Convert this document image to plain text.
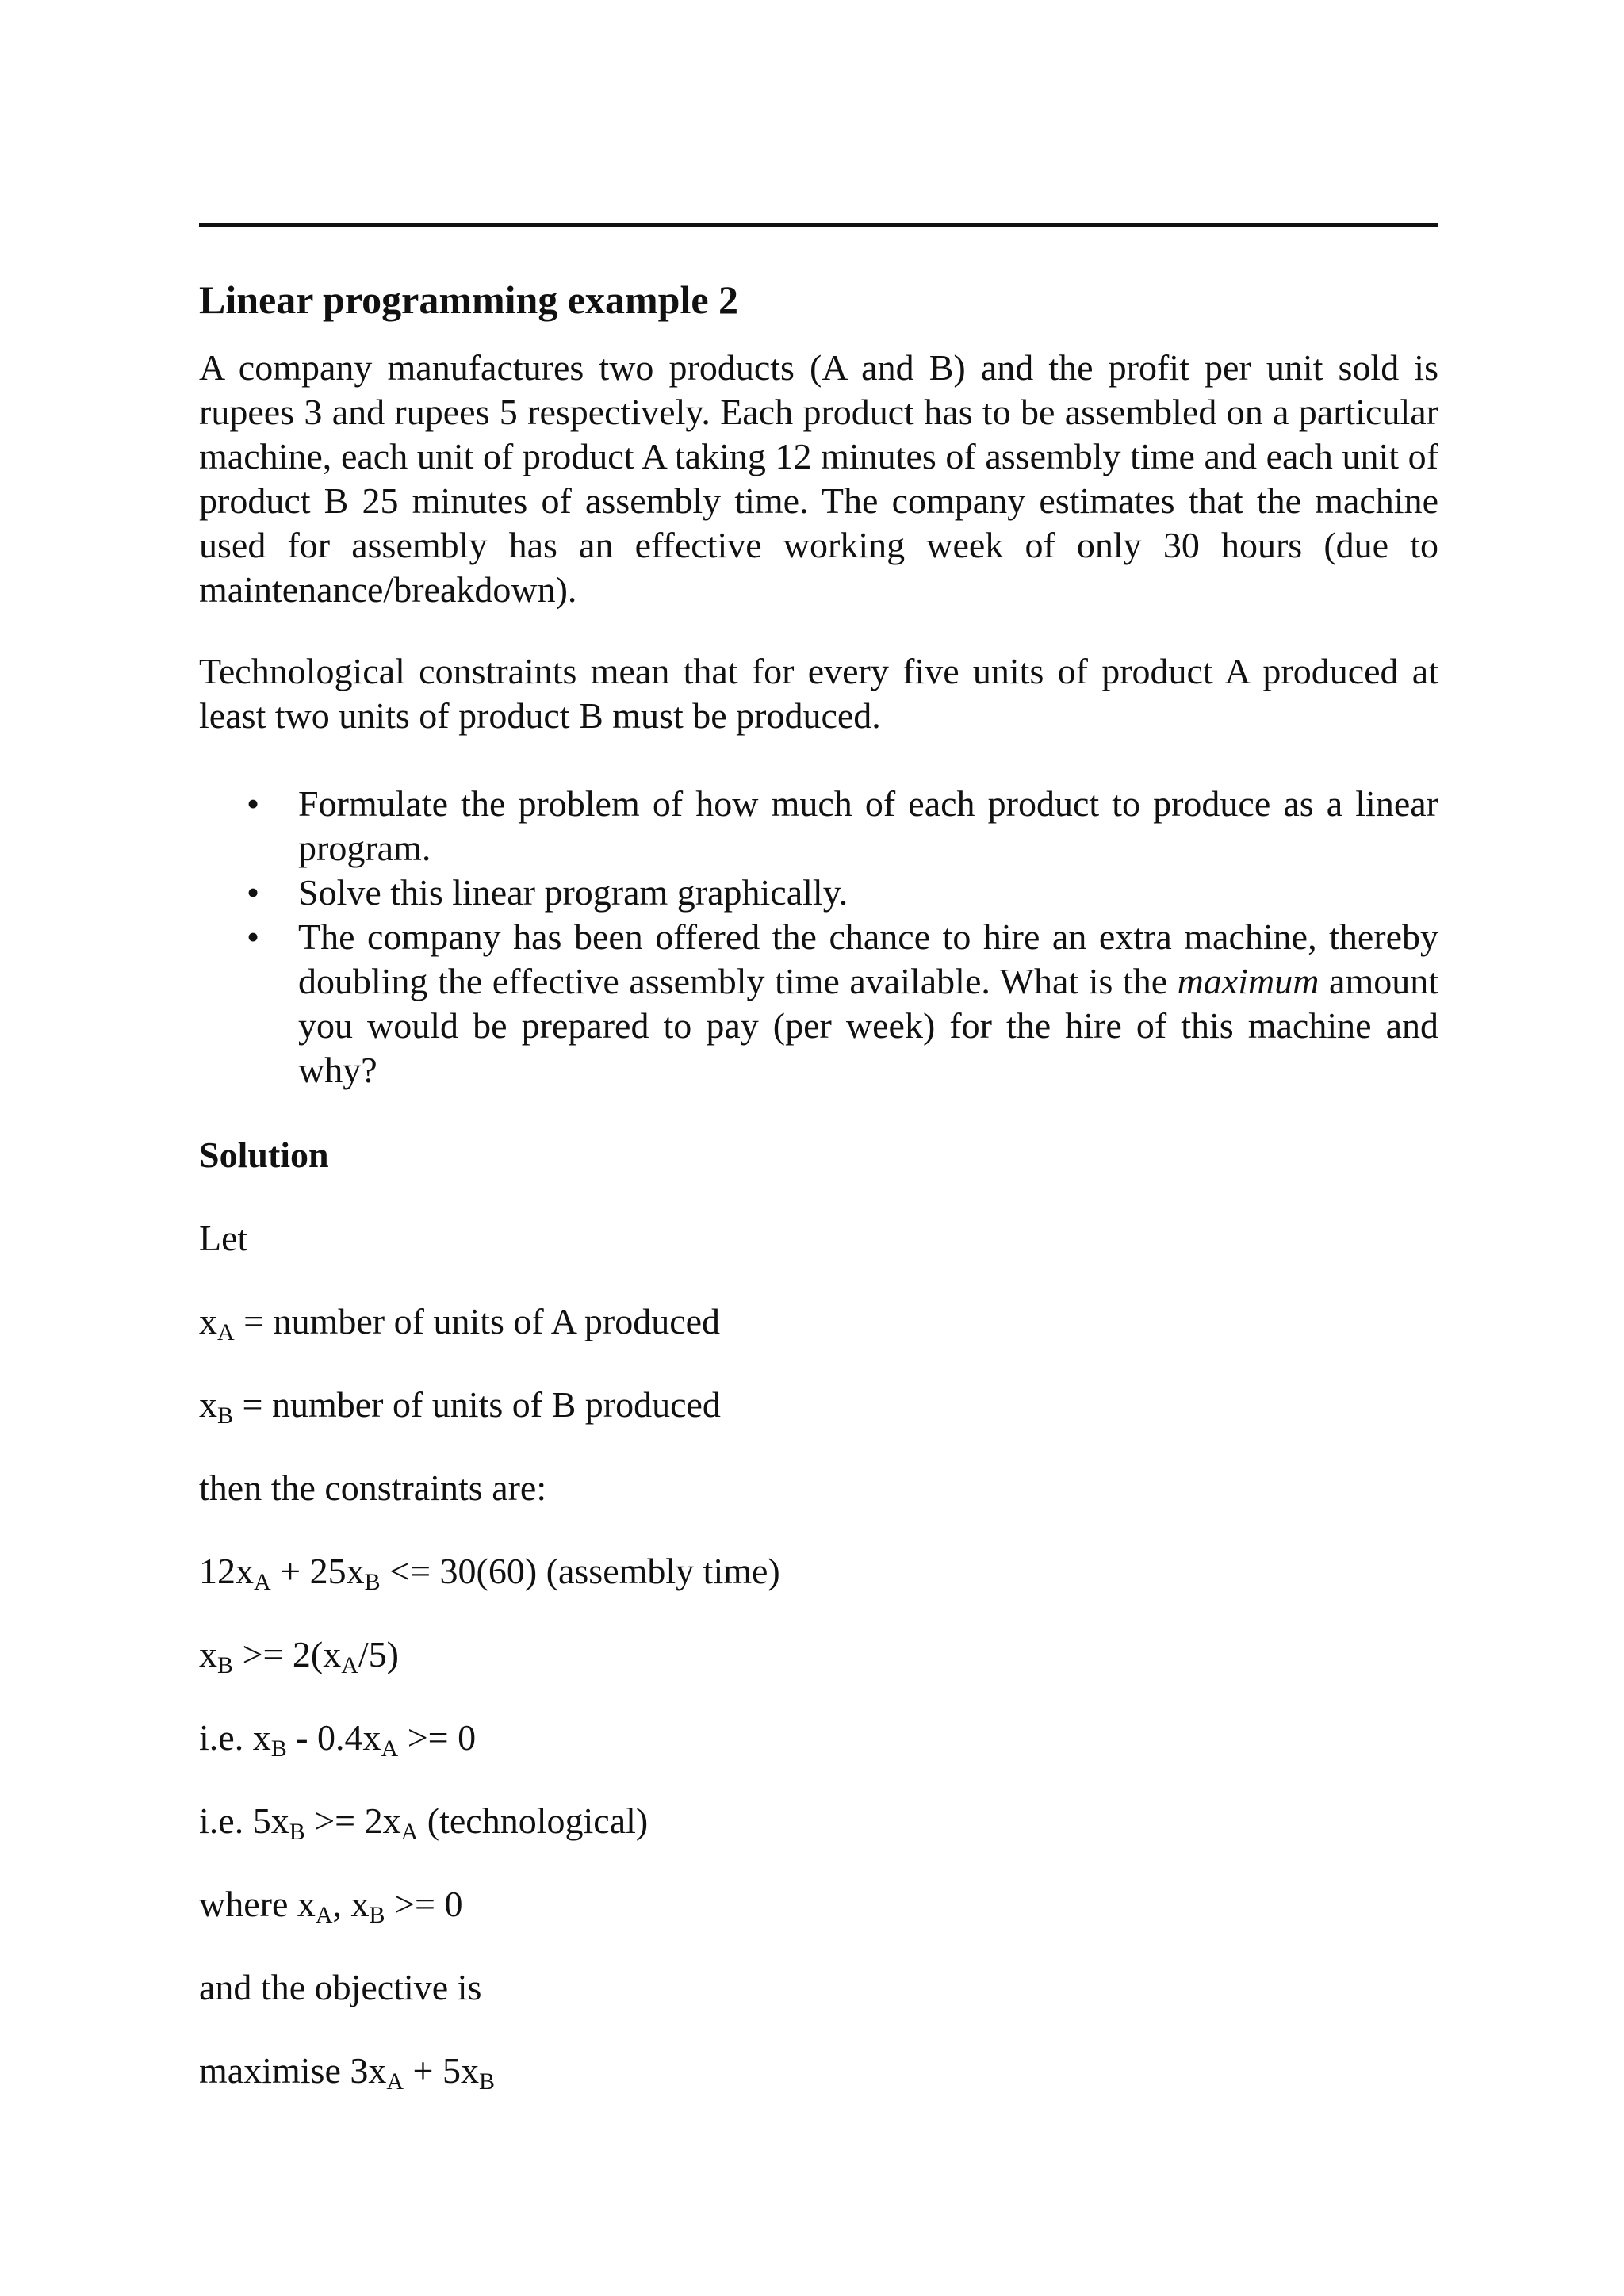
Linear programming example 2

A company manufactures two products (A and B) and the profit per unit sold is rupees 3 and rupees 5 respectively. Each product has to be assembled on a particular machine, each unit of product A taking 12 minutes of assembly time and each unit of product B 25 minutes of assembly time. The company estimates that the machine used for assembly has an effective working week of only 30 hours (due to maintenance/breakdown).

Technological constraints mean that for every five units of product A produced at least two units of product B must be produced.

• Formulate the problem of how much of each product to produce as a linear program.
• Solve this linear program graphically.
• The company has been offered the chance to hire an extra machine, thereby doubling the effective assembly time available. What is the maximum amount you would be prepared to pay (per week) for the hire of this machine and why?
Solution
Let
$x_A$ = number of units of A produced
$x_B$ = number of units of B produced
then the constraints are:
$12x_A + 25x_B <= 30(60)$ (assembly time)
$x_B >= 2(x_A/5)$
i.e. $x_B - 0.4x_A >= 0$
i.e. $5x_B >= 2x_A$ (technological)
where $x_A$, $x_B >= 0$
and the objective is
maximise $3x_A + 5x_B$
